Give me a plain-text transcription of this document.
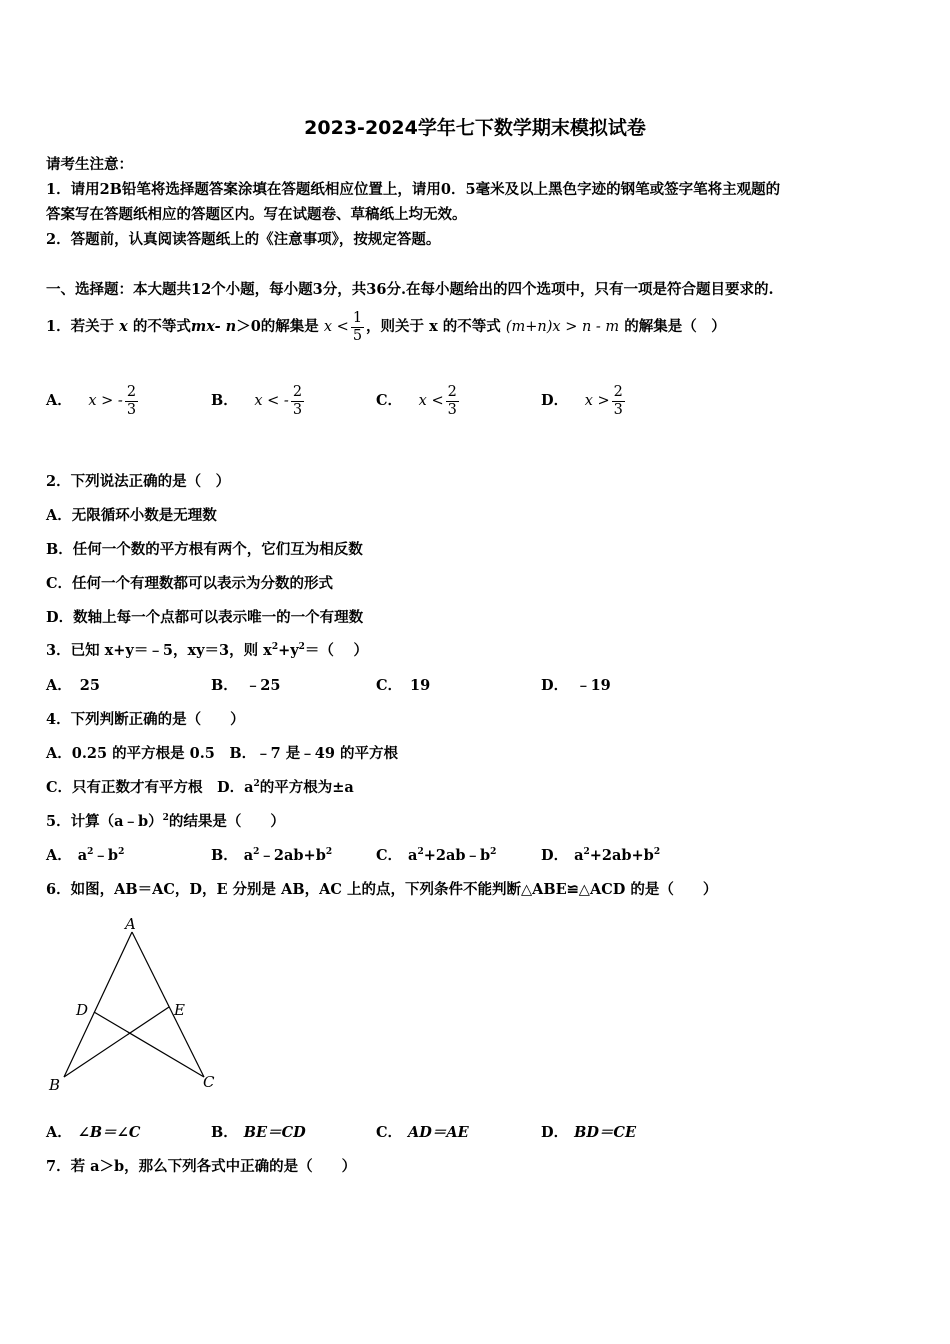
2023-2024学年七下数学期末模拟试卷
请考生注意：
1．请用2B铅笔将选择题答案涂填在答题纸相应位置上，请用0．5毫米及以上黑色字迹的钢笔或签字笔将主观题的
答案写在答题纸相应的答题区内。写在试题卷、草稿纸上均无效。
2．答题前，认真阅读答题纸上的《注意事项》，按规定答题。
一、选择题：本大题共12个小题，每小题3分，共36分.在每小题给出的四个选项中，只有一项是符合题目要求的.
1．若关于 x 的不等式mx- n＞0的解集是 $x < \frac{1}{5}$ ，则关于 x 的不等式 (m+n)x > n - m 的解集是（　）
A． x > - $\frac{2}{3}$	B． x < - $\frac{2}{3}$	C． $x < \frac{2}{3}$	D． $x > \frac{2}{3}$
2．下列说法正确的是（　）
A．无限循环小数是无理数
B．任何一个数的平方根有两个，它们互为相反数
C．任何一个有理数都可以表示为分数的形式
D．数轴上每一个点都可以表示唯一的一个有理数
3．已知 x+y＝﹣5，xy＝3，则 $x^2+y^2=$（　 ）
A． 25	B． ﹣25	C． 19	D． ﹣19
4．下列判断正确的是（　　）
A．0.25 的平方根是 0.5　B．﹣7 是﹣49 的平方根
C．只有正数才有平方根　D．$a^2$的平方根为±a
5．计算（a﹣b）$^2$的结果是（　　）
A． $a^2﹣b^2$	B． $a^2﹣2ab+b^2$	C． $a^2+2ab﹣b^2$	D． $a^2+2ab+b^2$
6．如图，AB＝AC，D，E 分别是 AB，AC 上的点，下列条件不能判断△ABE≌△ACD 的是（　　）
A
D	E
B	C
A． ∠B＝∠C	B． BE＝CD	C． AD＝AE	D． BD＝CE
7．若 a＞b，那么下列各式中正确的是（　　）
